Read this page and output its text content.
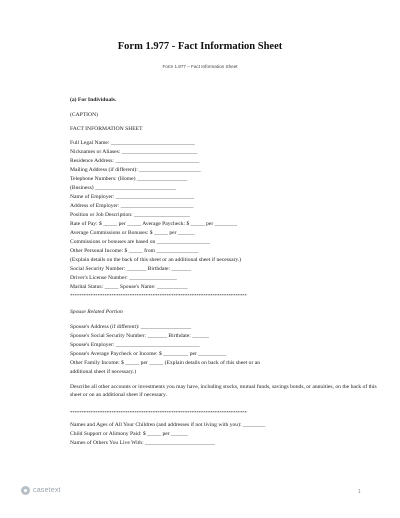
Form 1.977 - Fact Information Sheet
Form 1.977 – Fact Information Sheet
(a) For Individuals.
(CAPTION)
FACT INFORMATION SHEET
Full Legal Name: ______________________________
Nicknames or Aliases: ___________________________
Residence Address: ______________________________
Mailing Address (if different): ______________________
Telephone Numbers: (Home) __________________
(Business) _____________________________
Name of Employer: ____________________________
Address of Employer: __________________________
Position or Job Description: ____________________
Rate of Pay: $ _____ per _____ Average Paycheck: $ _____ per ________
Average Commissions or Bonuses: $ _____ per ______
Commissions or bonuses are based on ___________________
Other Personal Income: $ _____ from _______________
(Explain details on the back of this sheet or an additional sheet if necessary.)
Social Security Number: _______ Birthdate: _______
Driver's License Number: _________________
Marital Status: _____ Spouse's Name: ___________
*****************************************************************************
Spouse Related Portion
Spouse's Address (if different): __________________
Spouse's Social Security Number: _______ Birthdate: ______
Spouse's Employer: ______________________________
Spouse's Average Paycheck or Income: $ _________ per __________
Other Family Income: $ _____ per _____ (Explain details on back of this sheet or an
additional sheet if necessary.)
Describe all other accounts or investments you may have, including stocks, mutual funds, savings bonds, or annuities, on the back of this sheet or on an additional sheet if necessary.
*****************************************************************************
Names and Ages of All Your Children (and addresses if not living with you): ________
Child Support or Alimony Paid: $ _____ per ______
Names of Others You Live With: _________________________
casetext	1
